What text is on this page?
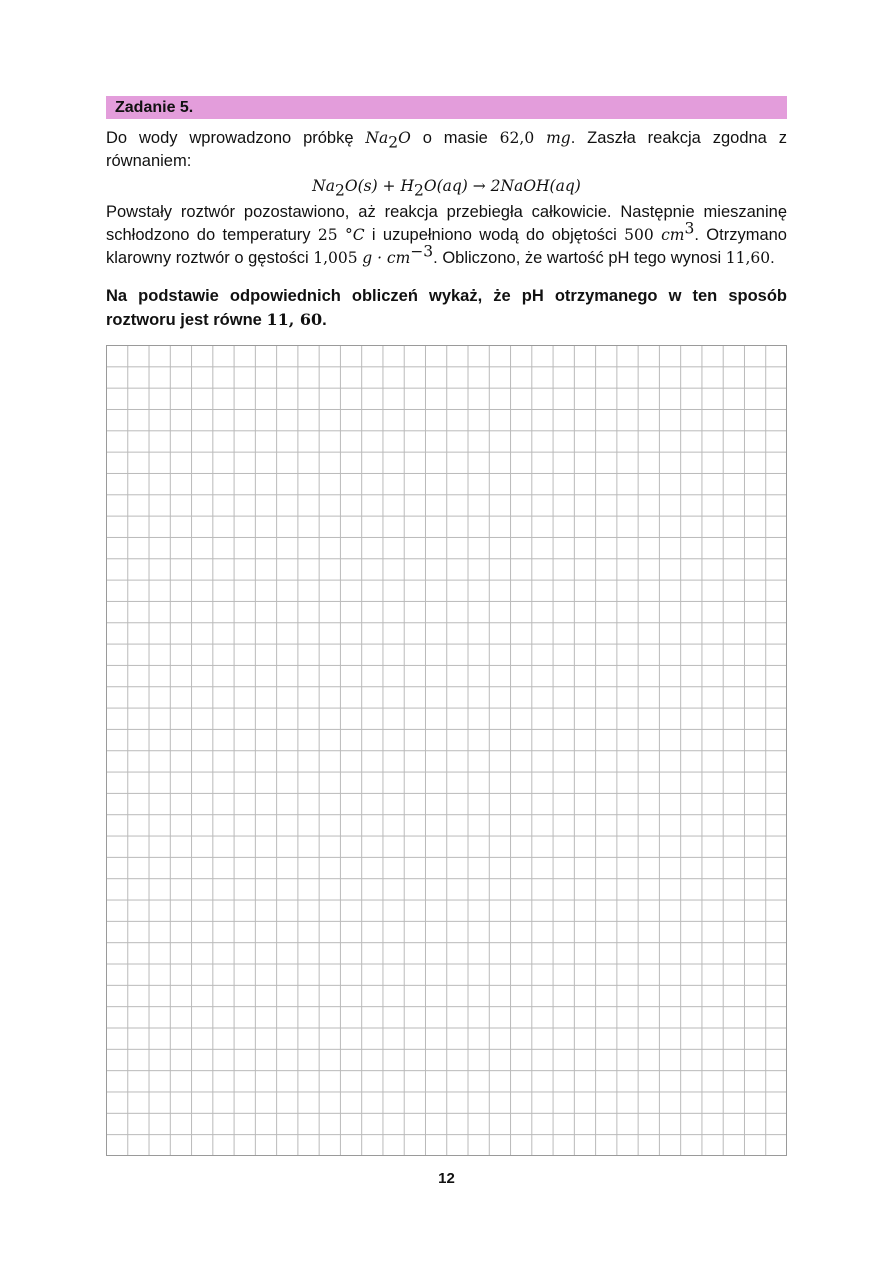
Zadanie 5.

Do wody wprowadzono próbkę $Na_2O$ o masie 62,0 mg. Zaszła reakcja zgodna z równaniem:

$Na_2O(s) + H_2O(aq)$ → 2NaOH(aq)

Powstały roztwór pozostawiono, aż reakcja przebiegła całkowicie. Następnie mieszaninę schłodzono do temperatury 25 °C i uzupełniono wodą do objętości 500 $cm^3$. Otrzymano klarowny roztwór o gęstości 1,005 $g \cdot cm^{-3}$. Obliczono, że wartość pH tego wynosi 11,60.

Na podstawie odpowiednich obliczeń wykaż, że pH otrzymanego w ten sposób roztworu jest równe 11, 60.

12
